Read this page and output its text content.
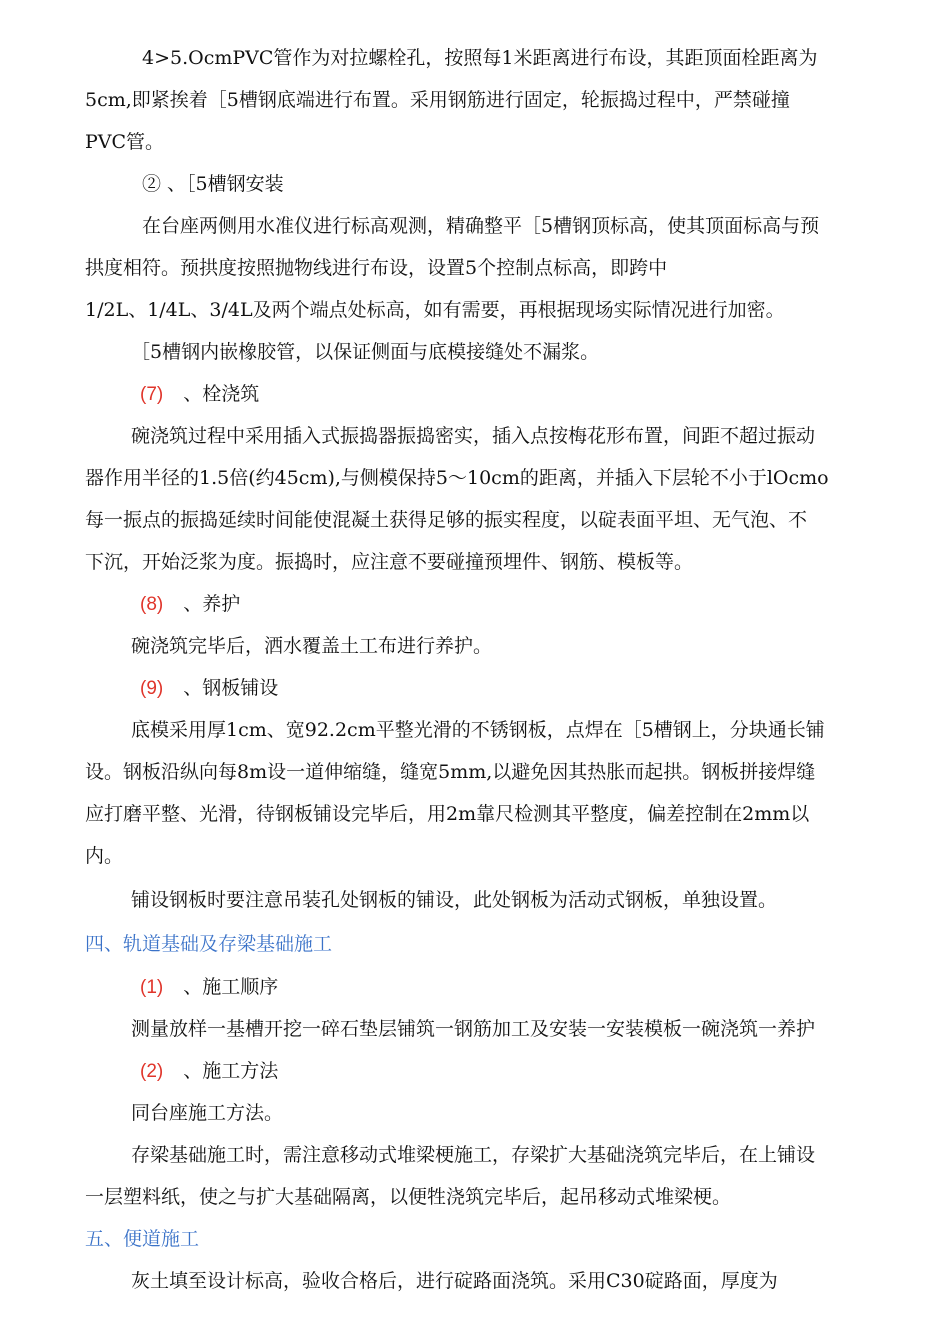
4>5.OcmPVC管作为对拉螺栓孔，按照每1米距离进行布设，其距顶面栓距离为
5cm,即紧挨着［5槽钢底端进行布置。采用钢筋进行固定，轮振捣过程中，严禁碰撞
PVC管。
② 、［5槽钢安装
在台座两侧用水准仪进行标高观测，精确整平［5槽钢顶标高，使其顶面标高与预
拱度相符。预拱度按照抛物线进行布设，设置5个控制点标高，即跨中
1/2L、1/4L、3/4L及两个端点处标高，如有需要，再根据现场实际情况进行加密。
［5槽钢内嵌橡胶管，以保证侧面与底模接缝处不漏浆。
(7) 、栓浇筑
碗浇筑过程中采用插入式振捣器振捣密实，插入点按梅花形布置，间距不超过振动
器作用半径的1.5倍(约45cm),与侧模保持5〜10cm的距离，并插入下层轮不小于lOcmo
每一振点的振捣延续时间能使混凝土获得足够的振实程度，以碇表面平坦、无气泡、不
下沉，开始泛浆为度。振捣时，应注意不要碰撞预埋件、钢筋、模板等。
(8) 、养护
碗浇筑完毕后，洒水覆盖土工布进行养护。
(9) 、钢板铺设
底模采用厚1cm、宽92.2cm平整光滑的不锈钢板，点焊在［5槽钢上，分块通长铺
设。钢板沿纵向每8m设一道伸缩缝，缝宽5mm,以避免因其热胀而起拱。钢板拼接焊缝
应打磨平整、光滑，待钢板铺设完毕后，用2m靠尺检测其平整度，偏差控制在2mm以
内。
铺设钢板时要注意吊装孔处钢板的铺设，此处钢板为活动式钢板，单独设置。
四、轨道基础及存梁基础施工
(1) 、施工顺序
测量放样一基槽开挖一碎石垫层铺筑一钢筋加工及安装一安装模板一碗浇筑一养护
(2) 、施工方法
同台座施工方法。
存梁基础施工时，需注意移动式堆梁梗施工，存梁扩大基础浇筑完毕后，在上铺设
一层塑料纸，使之与扩大基础隔离，以便牲浇筑完毕后，起吊移动式堆梁梗。
五、便道施工
灰土填至设计标高，验收合格后，进行碇路面浇筑。采用C30碇路面，厚度为
